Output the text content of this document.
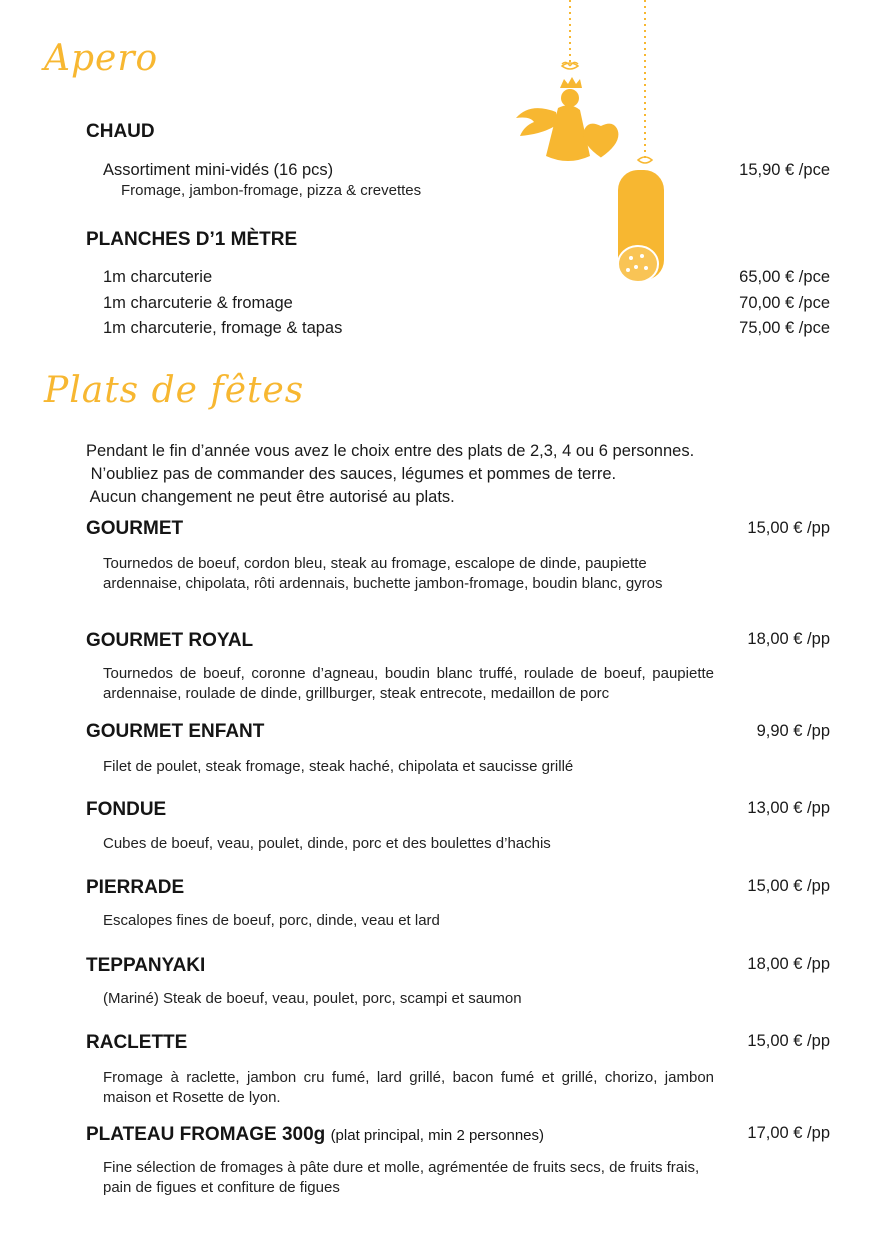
Apero
CHAUD
Assortiment mini-vidés (16 pcs)
Fromage, jambon-fromage, pizza & crevettes
15,90 € /pce
PLANCHES D’1 MÈTRE
1m charcuterie	65,00 € /pce
1m charcuterie & fromage	70,00 € /pce
1m charcuterie, fromage & tapas	75,00 € /pce
Plats de fêtes
Pendant le fin d’année vous avez le choix entre des plats de 2,3, 4 ou 6 personnes.
N’oubliez pas de commander des sauces, légumes et pommes de terre.
Aucun changement ne peut être autorisé au plats.
GOURMET	15,00 € /pp
Tournedos de boeuf, cordon bleu, steak au fromage, escalope de dinde, paupiette ardennaise, chipolata, rôti ardennais, buchette jambon-fromage, boudin blanc, gyros
GOURMET ROYAL	18,00 € /pp
Tournedos de boeuf, coronne d’agneau, boudin blanc truffé, roulade de boeuf, paupiette ardennaise, roulade de dinde, grillburger, steak entrecote, medaillon de porc
GOURMET ENFANT	9,90 € /pp
Filet de poulet, steak fromage, steak haché, chipolata et saucisse grillé
FONDUE	13,00 € /pp
Cubes de boeuf, veau, poulet, dinde, porc et des boulettes d’hachis
PIERRADE	15,00 € /pp
Escalopes fines de boeuf, porc, dinde, veau et lard
TEPPANYAKI	18,00 € /pp
(Mariné) Steak de boeuf, veau, poulet, porc, scampi et saumon
RACLETTE	15,00 € /pp
Fromage à raclette, jambon cru fumé, lard grillé, bacon fumé et grillé, chorizo, jambon maison et Rosette de lyon.
PLATEAU FROMAGE 300g (plat principal, min 2 personnes)	17,00 € /pp
Fine sélection de fromages à pâte dure et molle, agrémentée de fruits secs, de fruits frais, pain de figues et confiture de figues
